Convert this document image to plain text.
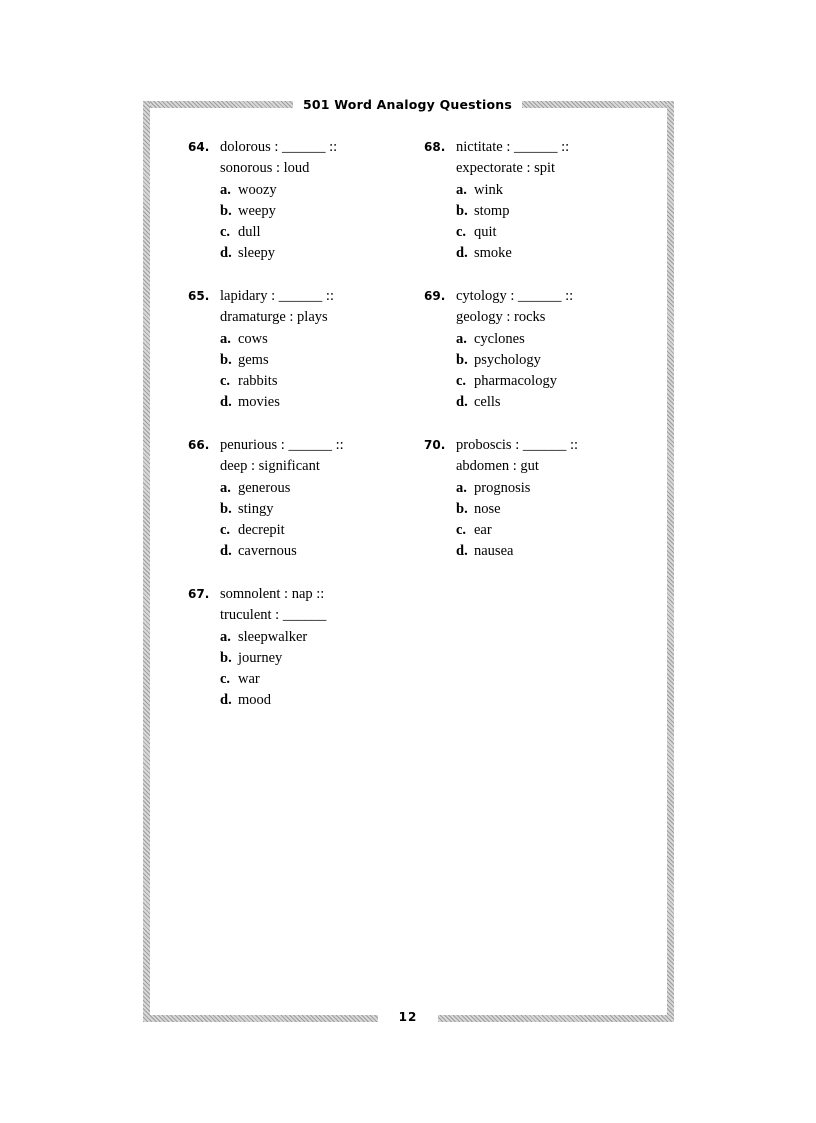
501 Word Analogy Questions
12
64. dolorous : ______ ::
sonorous : loud
a. woozy
b. weepy
c. dull
d. sleepy
65. lapidary : ______ ::
dramaturge : plays
a. cows
b. gems
c. rabbits
d. movies
66. penurious : ______ ::
deep : significant
a. generous
b. stingy
c. decrepit
d. cavernous
67. somnolent : nap ::
truculent : ______
a. sleepwalker
b. journey
c. war
d. mood
68. nictitate : ______ ::
expectorate : spit
a. wink
b. stomp
c. quit
d. smoke
69. cytology : ______ ::
geology : rocks
a. cyclones
b. psychology
c. pharmacology
d. cells
70. proboscis : ______ ::
abdomen : gut
a. prognosis
b. nose
c. ear
d. nausea
